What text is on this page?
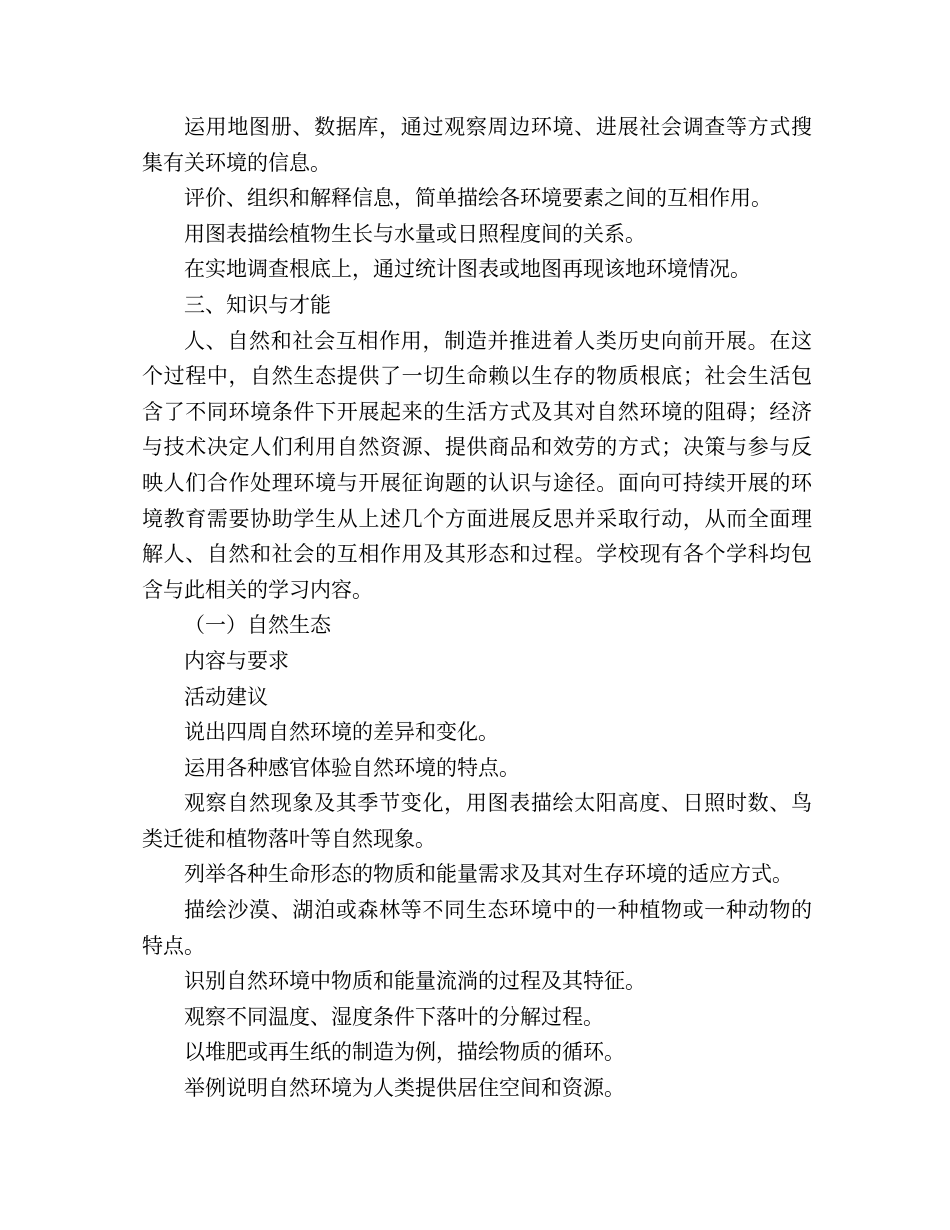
运用地图册、数据库，通过观察周边环境、进展社会调查等方式搜集有关环境的信息。

评价、组织和解释信息，简单描绘各环境要素之间的互相作用。

用图表描绘植物生长与水量或日照程度间的关系。

在实地调查根底上，通过统计图表或地图再现该地环境情况。

三、知识与才能

人、自然和社会互相作用，制造并推进着人类历史向前开展。在这个过程中，自然生态提供了一切生命赖以生存的物质根底；社会生活包含了不同环境条件下开展起来的生活方式及其对自然环境的阻碍；经济与技术决定人们利用自然资源、提供商品和效劳的方式；决策与参与反映人们合作处理环境与开展征询题的认识与途径。面向可持续开展的环境教育需要协助学生从上述几个方面进展反思并采取行动，从而全面理解人、自然和社会的互相作用及其形态和过程。学校现有各个学科均包含与此相关的学习内容。

（一）自然生态

内容与要求

活动建议

说出四周自然环境的差异和变化。

运用各种感官体验自然环境的特点。

观察自然现象及其季节变化，用图表描绘太阳高度、日照时数、鸟类迁徙和植物落叶等自然现象。

列举各种生命形态的物质和能量需求及其对生存环境的适应方式。

描绘沙漠、湖泊或森林等不同生态环境中的一种植物或一种动物的特点。

识别自然环境中物质和能量流淌的过程及其特征。

观察不同温度、湿度条件下落叶的分解过程。

以堆肥或再生纸的制造为例，描绘物质的循环。

举例说明自然环境为人类提供居住空间和资源。
